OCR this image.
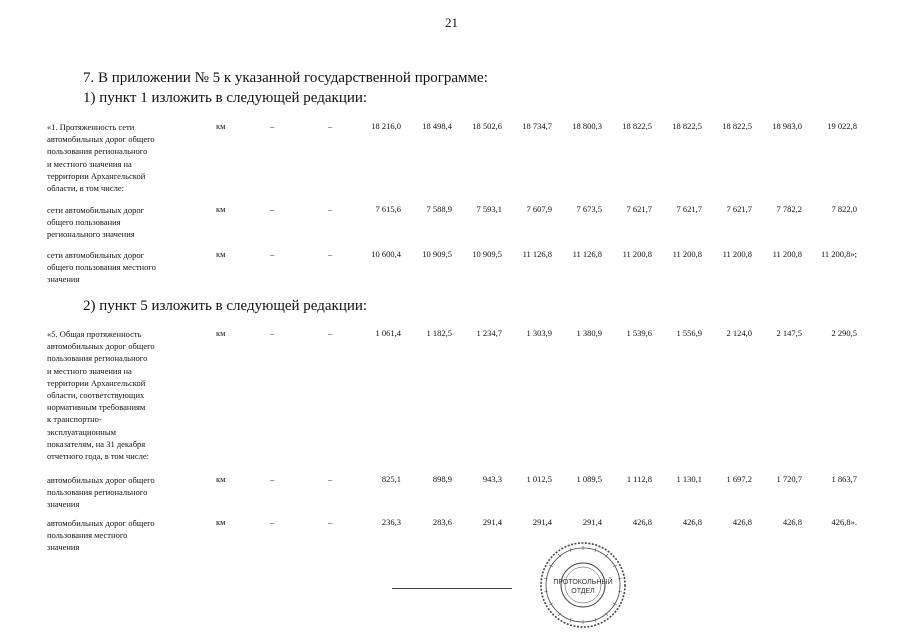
21
7. В приложении № 5 к указанной государственной программе:
1) пункт 1 изложить в следующей редакции:
2) пункт 5 изложить в следующей редакции:
«1. Протяженность сети
автомобильных дорог общего
пользования регионального
и местного значения на
территории Архангельской
области, в том числе:
км	–	–	18 216,0	18 498,4	18 502,6	18 734,7	18 800,3	18 822,5	18 822,5	18 822,5	18 983,0	19 022,8
сети автомобильных дорог
общего пользования
регионального значения
км	–	–	7 615,6	7 588,9	7 593,1	7 607,9	7 673,5	7 621,7	7 621,7	7 621,7	7 782,2	7 822,0
сети автомобильных дорог
общего пользования местного
значения
км	–	–	10 600,4	10 909,5	10 909,5	11 126,8	11 126,8	11 200,8	11 200,8	11 200,8	11 200,8	11 200,8»;
«5. Общая протяженность
автомобильных дорог общего
пользования регионального
и местного значения на
территории Архангельской
области, соответствующих
нормативным требованиям
к транспортно-
эксплуатационным
показателям, на 31 декабря
отчетного года, в том числе:
км	–	–	1 061,4	1 182,5	1 234,7	1 303,9	1 380,9	1 539,6	1 556,9	2 124,0	2 147,5	2 290,5
автомобильных дорог общего
пользования регионального
значения
км	–	–	825,1	898,9	943,3	1 012,5	1 089,5	1 112,8	1 130,1	1 697,2	1 720,7	1 863,7
автомобильных дорог общего
пользования местного
значения
км	–	–	236,3	283,6	291,4	291,4	291,4	426,8	426,8	426,8	426,8	426,8».
ПРОТОКОЛЬНЫЙ
ОТДЕЛ
